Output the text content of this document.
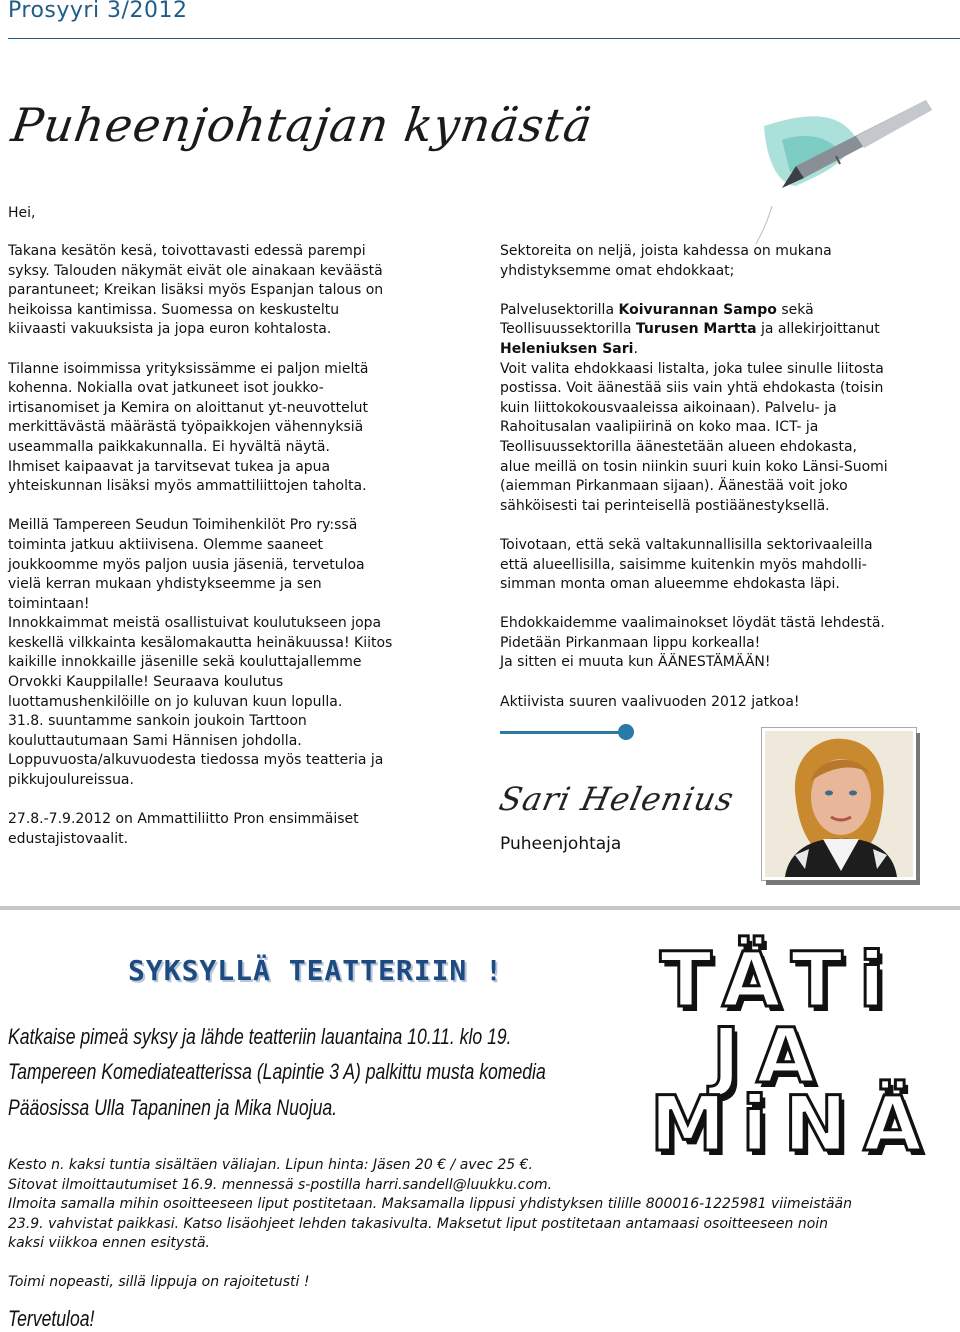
Prosyyri 3/2012
Puheenjohtajan kynästä
Hei,

Takana kesätön kesä, toivottavasti edessä parempi
syksy. Talouden näkymät eivät ole ainakaan keväästä
parantuneet; Kreikan lisäksi myös Espanjan talous on
heikoissa kantimissa. Suomessa on keskusteltu
kiivaasti vakuuksista ja jopa euron kohtalosta.

Tilanne isoimmissa yrityksissämme ei paljon mieltä
kohenna. Nokialla ovat jatkuneet isot joukko-
irtisanomiset ja Kemira on aloittanut yt-neuvottelut
merkittävästä määrästä työpaikkojen vähennyksiä
useammalla paikkakunnalla. Ei hyvältä näytä.
Ihmiset kaipaavat ja tarvitsevat tukea ja apua
yhteiskunnan lisäksi myös ammattiliittojen taholta.

Meillä Tampereen Seudun Toimihenkilöt Pro ry:ssä
toiminta jatkuu aktiivisena. Olemme saaneet
joukkoomme myös paljon uusia jäseniä, tervetuloa
vielä kerran mukaan yhdistykseemme ja sen
toimintaan!
Innokkaimmat meistä osallistuivat koulutukseen jopa
keskellä vilkkainta kesälomakautta heinäkuussa! Kiitos
kaikille innokkaille jäsenille sekä kouluttajallemme
Orvokki Kauppilalle! Seuraava koulutus
luottamushenkilöille on jo kuluvan kuun lopulla.
31.8. suuntamme sankoin joukoin Tarttoon
kouluttautumaan Sami Hännisen johdolla.
Loppuvuosta/alkuvuodesta tiedossa myös teatteria ja
pikkujoulureissua.

27.8.-7.9.2012 on Ammattiliitto Pron ensimmäiset
edustajistovaalit.

Sektoreita on neljä, joista kahdessa on mukana
yhdistyksemme omat ehdokkaat;

Palvelusektorilla Koivurannan Sampo sekä
Teollisuussektorilla Turusen Martta ja allekirjoittanut
Heleniuksen Sari.
Voit valita ehdokkaasi listalta, joka tulee sinulle liitosta
postissa. Voit äänestää siis vain yhtä ehdokasta (toisin
kuin liittokokousvaaleissa aikoinaan). Palvelu- ja
Rahoitusalan vaalipiirinä on koko maa. ICT- ja
Teollisuussektorilla äänestetään alueen ehdokasta,
alue meillä on tosin niinkin suuri kuin koko Länsi-Suomi
(aiemman Pirkanmaan sijaan). Äänestää voit joko
sähköisesti tai perinteisellä postiäänestyksellä.

Toivotaan, että sekä valtakunnallisilla sektorivaaleilla
että alueellisilla, saisimme kuitenkin myös mahdolli-
simman monta oman alueemme ehdokasta läpi.

Ehdokkaidemme vaalimainokset löydät tästä lehdestä.
Pidetään Pirkanmaan lippu korkealla!
Ja sitten ei muuta kun ÄÄNESTÄMÄÄN!

Aktiivista suuren vaalivuoden 2012 jatkoa!

Sari Helenius
Puheenjohtaja
SYKSYLLÄ TEATTERIIN ! TÄTi
JA
MiNÄ
Katkaise pimeä syksy ja lähde teatteriin lauantaina 10.11. klo 19.
Tampereen Komediateatterissa (Lapintie 3 A) palkittu musta komedia
Pääosissa Ulla Tapaninen ja Mika Nuojua.
Kesto n. kaksi tuntia sisältäen väliajan. Lipun hinta: Jäsen 20 € / avec 25 €.
Sitovat ilmoittautumiset 16.9. mennessä s-postilla harri.sandell@luukku.com.
Ilmoita samalla mihin osoitteeseen liput postitetaan. Maksamalla lippusi yhdistyksen tilille 800016-1225981 viimeistään
23.9. vahvistat paikkasi. Katso lisäohjeet lehden takasivulta. Maksetut liput postitetaan antamaasi osoitteeseen noin
kaksi viikkoa ennen esitystä.
Toimi nopeasti, sillä lippuja on rajoitetusti !
Tervetuloa!
